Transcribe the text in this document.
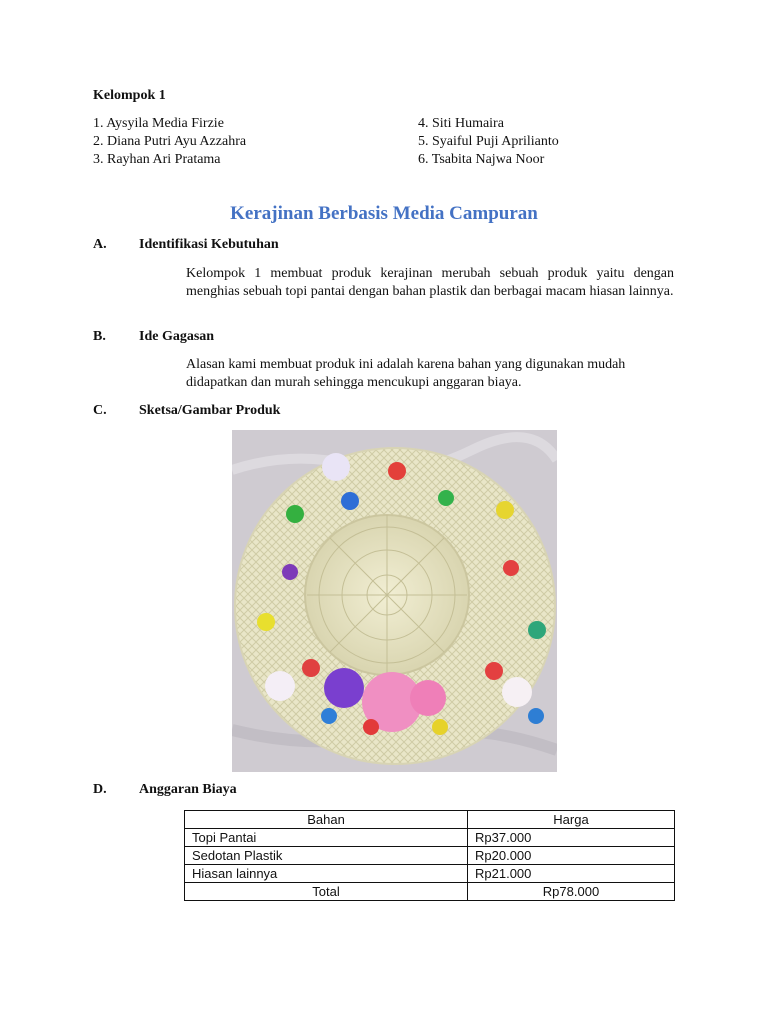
Kelompok 1
1. Aysyila Media Firzie
2. Diana Putri Ayu Azzahra
3. Rayhan Ari Pratama
4. Siti Humaira
5. Syaiful Puji Aprilianto
6. Tsabita Najwa Noor
Kerajinan Berbasis Media Campuran
A. Identifikasi Kebutuhan
Kelompok 1 membuat produk kerajinan merubah sebuah produk yaitu dengan menghias sebuah topi pantai dengan bahan plastik dan berbagai macam hiasan lainnya.
B. Ide Gagasan
Alasan kami membuat produk ini adalah karena bahan yang digunakan mudah didapatkan dan murah sehingga mencukupi anggaran biaya.
C. Sketsa/Gambar Produk
D. Anggaran Biaya
Bahan	Harga
Topi Pantai	Rp37.000
Sedotan Plastik	Rp20.000
Hiasan lainnya	Rp21.000
Total	Rp78.000
